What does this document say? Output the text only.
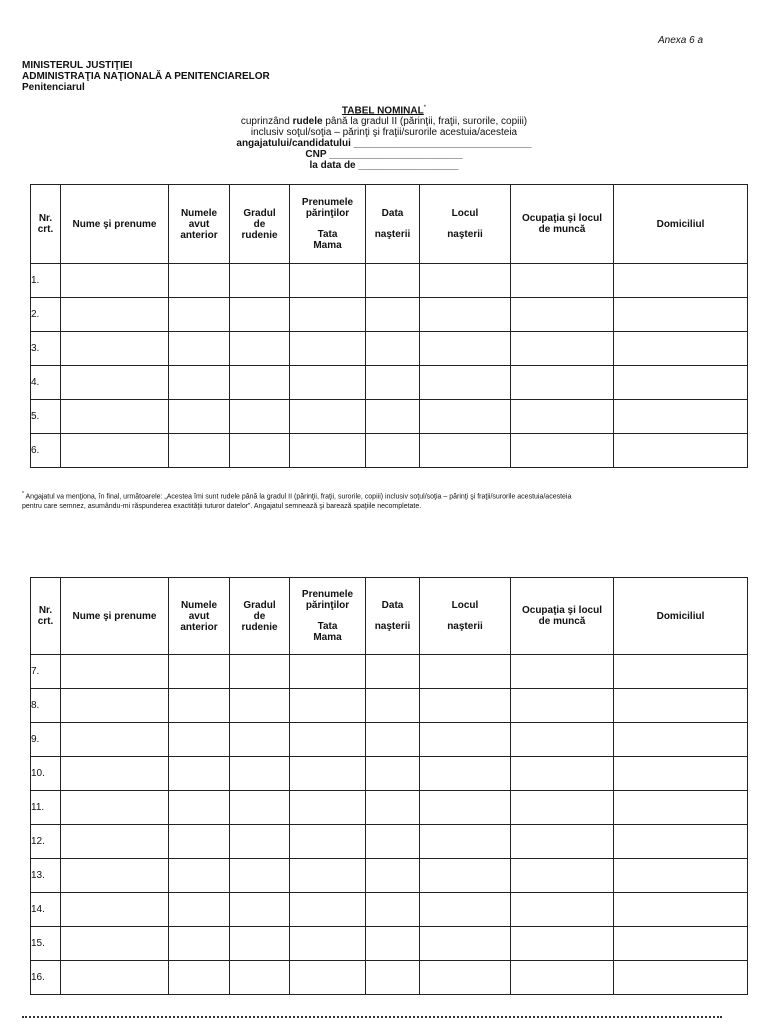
Anexa 6 a
MINISTERUL JUSTIŢIEI
ADMINISTRAŢIA NAŢIONALĂ A PENITENCIARELOR
Penitenciarul
TABEL NOMINAL*
cuprinzând rudele până la gradul II (părinţii, fraţii, surorile, copiii)
inclusiv soţul/soţia – părinţi şi fraţii/surorile acestuia/acesteia
angajatului/candidatului ________________________________
CNP ________________________
la data de __________________
Nr.
crt.	Nume şi prenume	Numele
avut
anterior	Gradul
de
rudenie	Prenumele
părinţilor
Tata
Mama	Data
naşterii	Locul
naşterii	Ocupaţia şi locul
de muncă	Domiciliul
1.								
2.								
3.								
4.								
5.								
6.								
* Angajatul va menţiona, în final, următoarele: „Acestea îmi sunt rudele până la gradul II (părinţii, fraţii, surorile, copiii) inclusiv soţul/soţia – părinţi şi fraţii/surorile acestuia/acesteia
pentru care semnez, asumându-mi răspunderea exactităţii tuturor datelor”. Angajatul semnează şi barează spaţiile necompletate.
Nr.
crt.	Nume şi prenume	Numele
avut
anterior	Gradul
de
rudenie	Prenumele
părinţilor
Tata
Mama	Data
naşterii	Locul
naşterii	Ocupaţia şi locul
de muncă	Domiciliul
7.								
8.								
9.								
10.								
11.								
12.								
13.								
14.								
15.								
16.								
